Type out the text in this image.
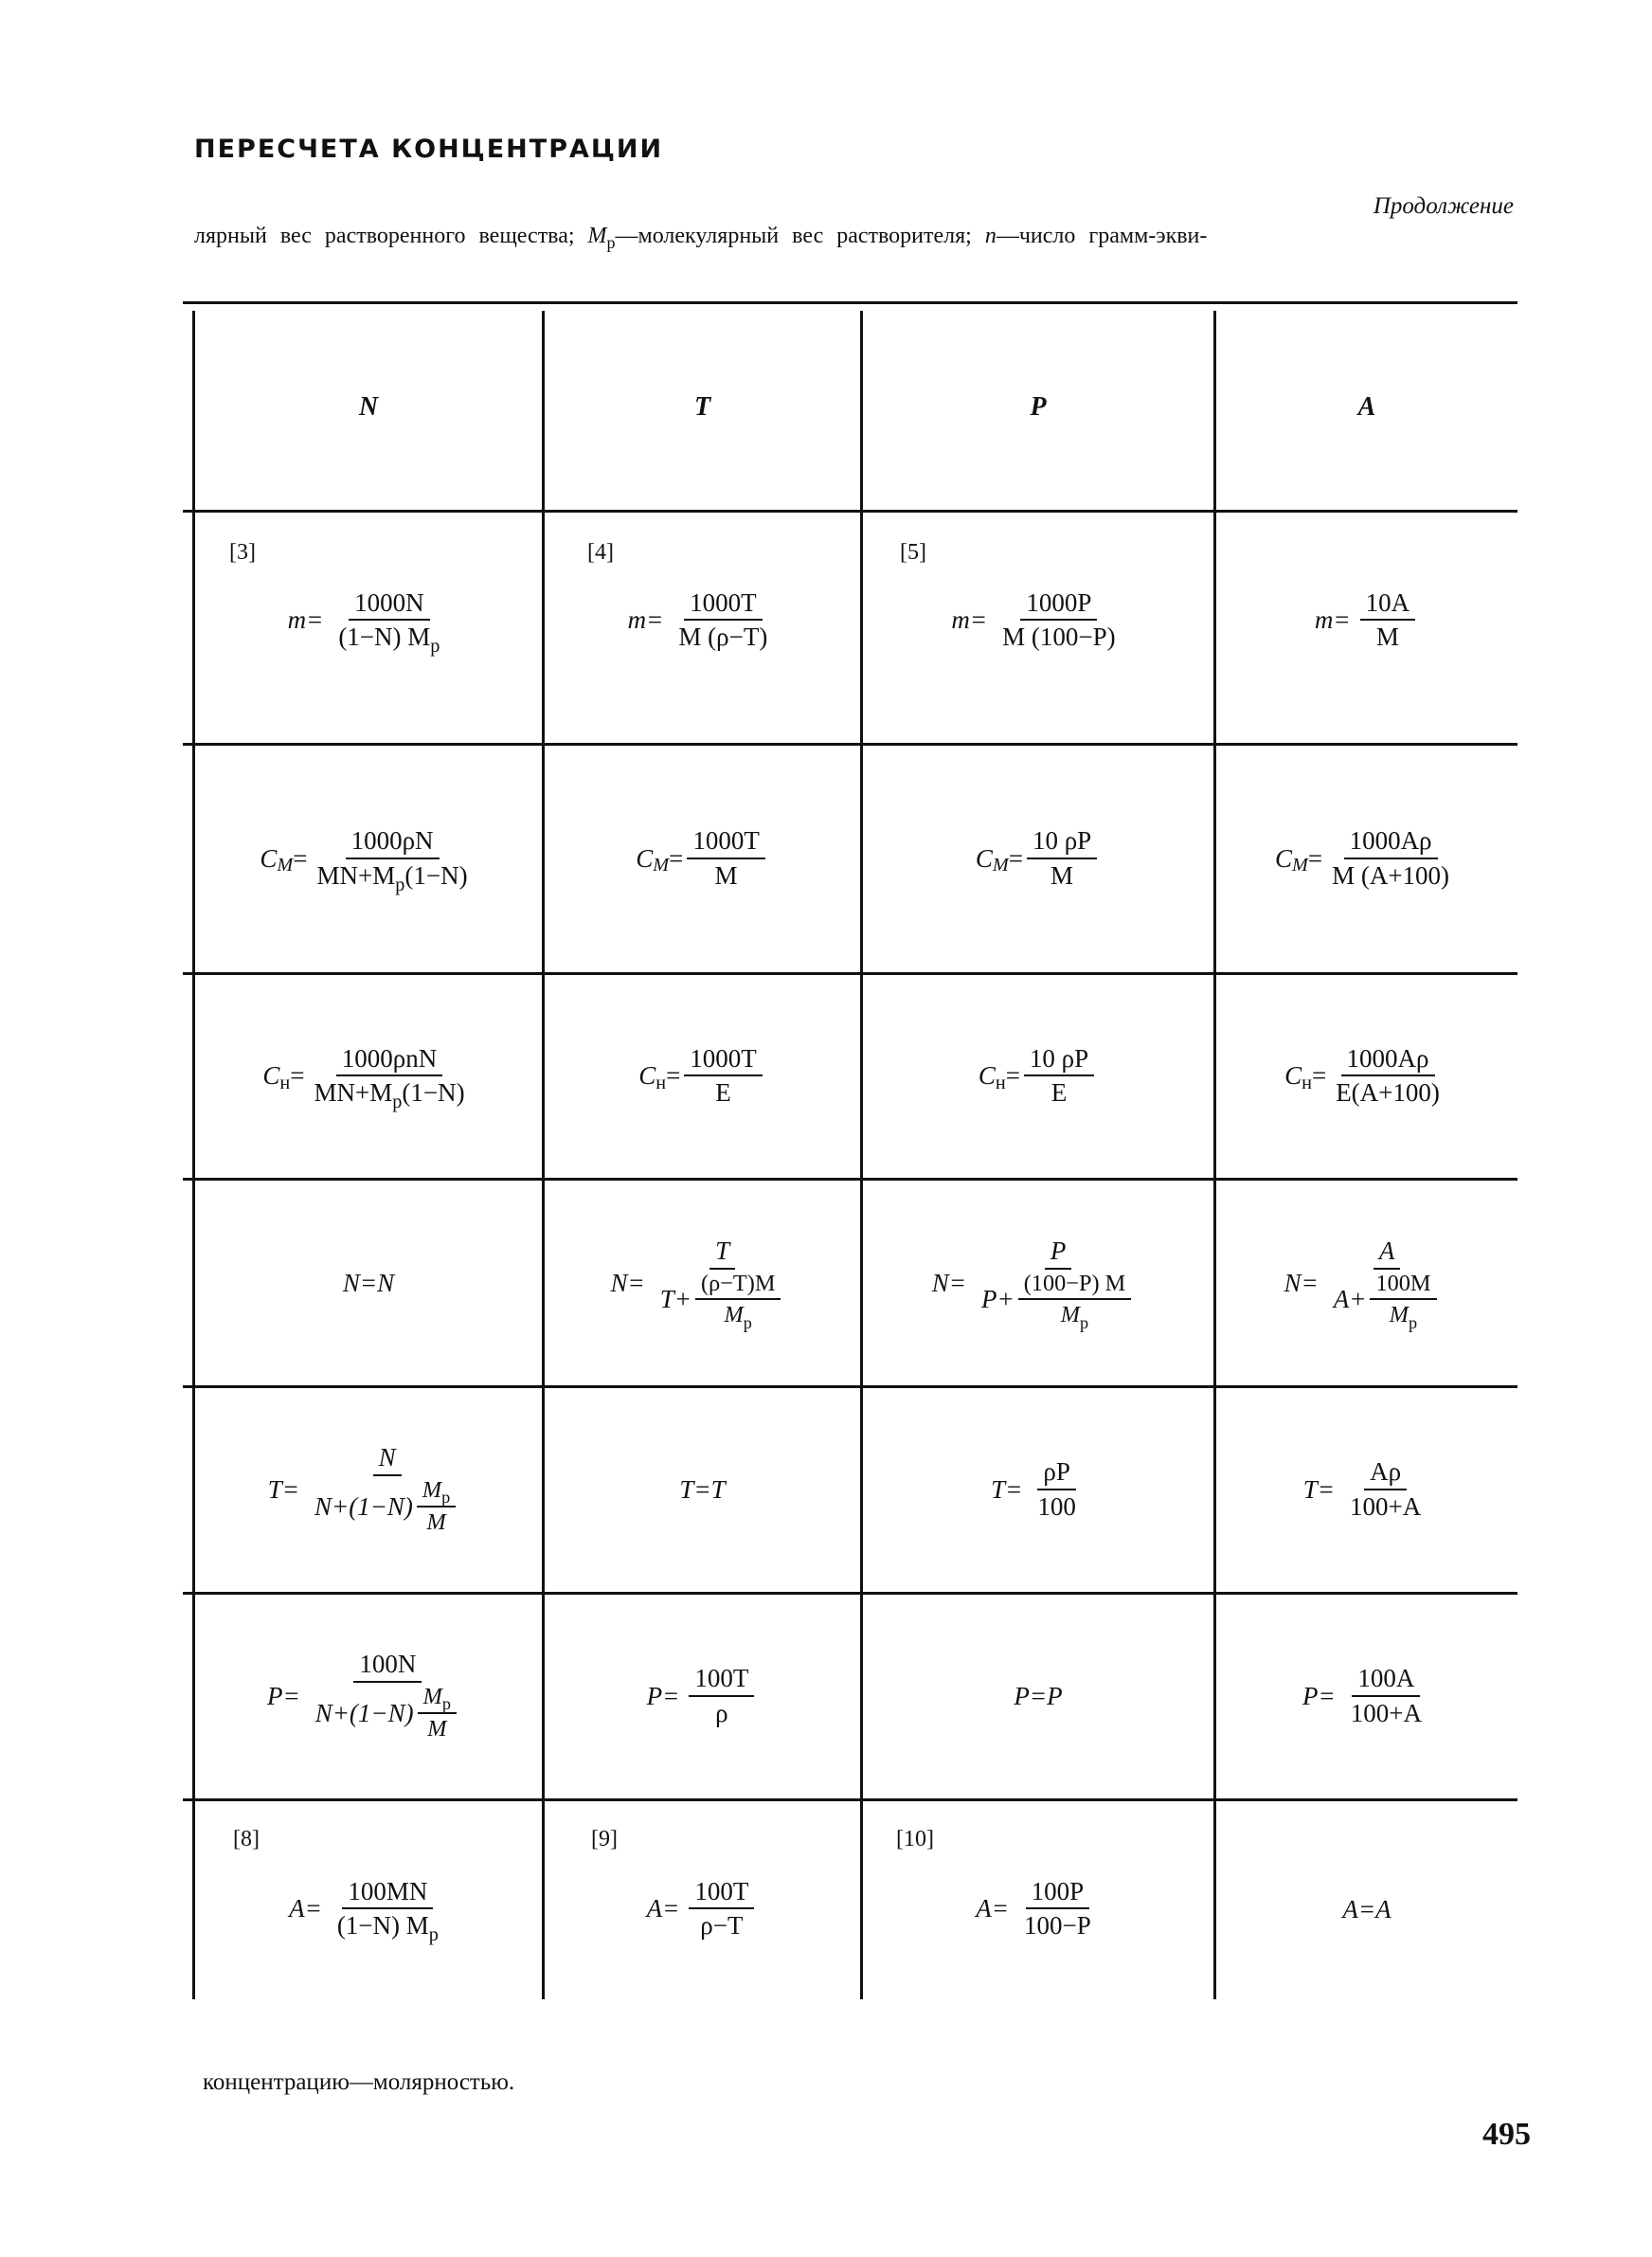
ПЕРЕСЧЕТА КОНЦЕНТРАЦИИ
Продолжение
лярный вес растворенного вещества; $M_р—молекулярный$ вес растворителя; n—число грамм-экви-
N	T	P	A
[3]	[4]	[5]
$m= \frac{1000N}{(1-N) M_р}$	$m= \frac{1000T}{M (\rho-T)}$	$m= \frac{1000P}{M (100-P)}$	$m= \frac{10A}{M}$
C $M = \frac{1000\rho N}{MN+M_р(1-N)}$	C $M = \frac{1000T}{M}$	C $M = \frac{10 \rho P}{M}$	C $M = \frac{1000A\rho}{M (A+100)}$
C $н = \frac{\text{1000ρnN}}{MN+M_р(1-N)}$	C $н = \frac{1000T}{E}$	C $н = \frac{10 \rho P}{E}$	C $н = \frac{1000A\rho}{E(A+100)}$
N=N	$N= \frac{T}{T+ \frac{(\rho-T)M}{M_р}}$	$N= \frac{P}{P+ \frac{(100-P) M}{M_р}}$	$N= \frac{A}{A+ \frac{100M}{M_р}}$
$T= \frac{N}{N+(1-N) \frac{M_р}{M}}$	T=T	$T= \frac{\rho P}{100}$	$T= \frac{A\rho}{100+A}$
$P= \frac{100N}{N+(1-N) \frac{M_р}{M}}$	$P= \frac{100T}{\rho}$	P=P	$P= \frac{100A}{100+A}$
[8]	[9]	[10]
$A= \frac{100MN}{(1-N) M_р}$	$A= \frac{100T}{\rho-T}$	$A= \frac{100P}{100-P}$	A=A
концентрацию—молярностью.
495
